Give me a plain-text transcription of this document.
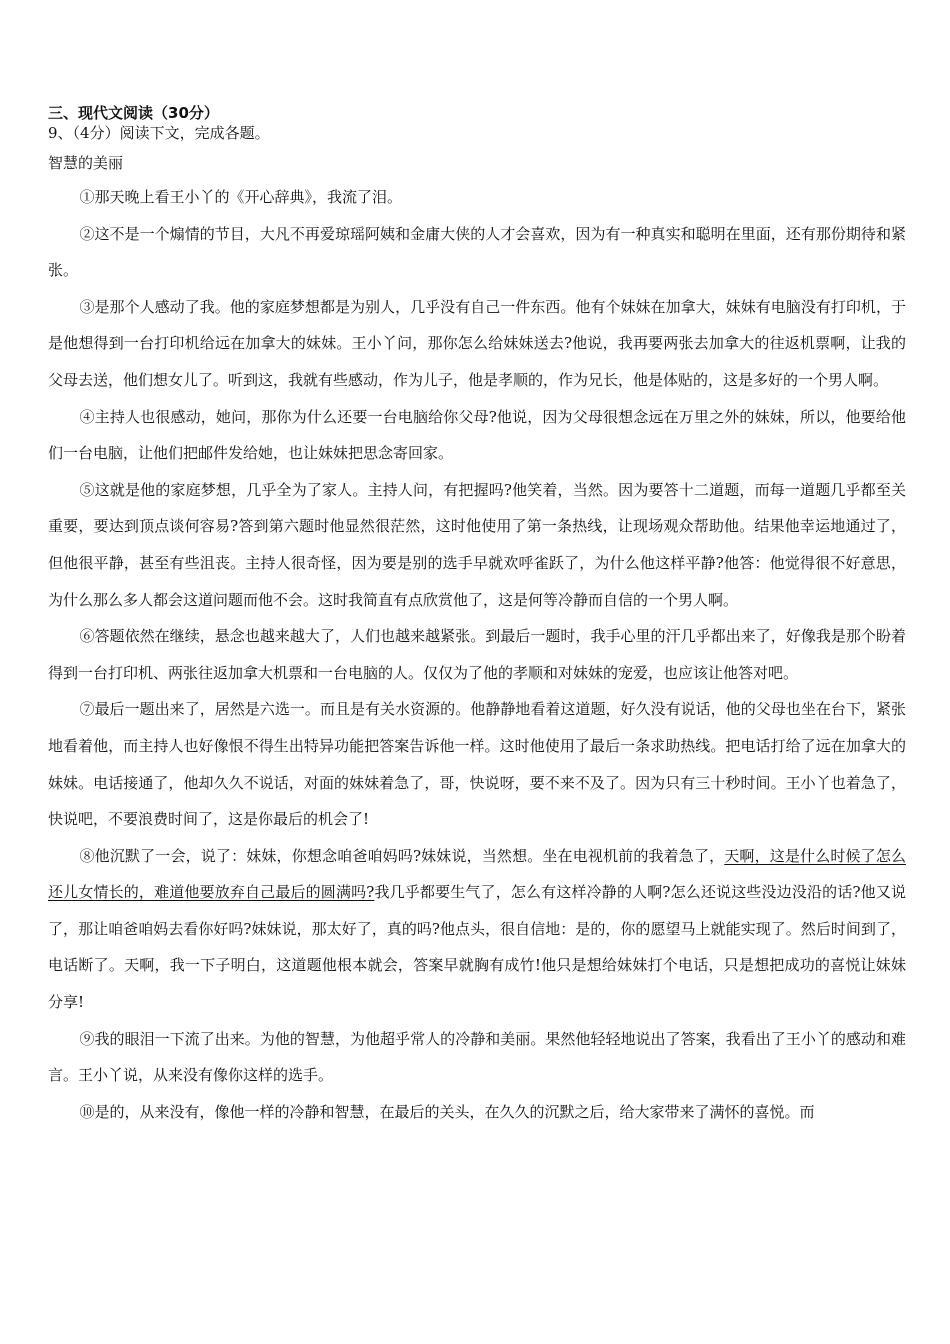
三、现代文阅读（30分）
9、（4分）阅读下文，完成各题。
智慧的美丽

①那天晚上看王小丫的《开心辞典》，我流了泪。

②这不是一个煽情的节目，大凡不再爱琼瑶阿姨和金庸大侠的人才会喜欢，因为有一种真实和聪明在里面，还有那份期待和紧张。

③是那个人感动了我。他的家庭梦想都是为别人，几乎没有自己一件东西。他有个妹妹在加拿大，妹妹有电脑没有打印机，于是他想得到一台打印机给远在加拿大的妹妹。王小丫问，那你怎么给妹妹送去?他说，我再要两张去加拿大的往返机票啊，让我的父母去送，他们想女儿了。听到这，我就有些感动，作为儿子，他是孝顺的，作为兄长，他是体贴的，这是多好的一个男人啊。

④主持人也很感动，她问，那你为什么还要一台电脑给你父母?他说，因为父母很想念远在万里之外的妹妹，所以，他要给他们一台电脑，让他们把邮件发给她，也让妹妹把思念寄回家。

⑤这就是他的家庭梦想，几乎全为了家人。主持人问，有把握吗?他笑着，当然。因为要答十二道题，而每一道题几乎都至关重要，要达到顶点谈何容易?答到第六题时他显然很茫然，这时他使用了第一条热线，让现场观众帮助他。结果他幸运地通过了，但他很平静，甚至有些沮丧。主持人很奇怪，因为要是别的选手早就欢呼雀跃了，为什么他这样平静?他答：他觉得很不好意思，为什么那么多人都会这道问题而他不会。这时我简直有点欣赏他了，这是何等冷静而自信的一个男人啊。

⑥答题依然在继续，悬念也越来越大了，人们也越来越紧张。到最后一题时，我手心里的汗几乎都出来了，好像我是那个盼着得到一台打印机、两张往返加拿大机票和一台电脑的人。仅仅为了他的孝顺和对妹妹的宠爱，也应该让他答对吧。

⑦最后一题出来了，居然是六选一。而且是有关水资源的。他静静地看着这道题，好久没有说话，他的父母也坐在台下，紧张地看着他，而主持人也好像恨不得生出特异功能把答案告诉他一样。这时他使用了最后一条求助热线。把电话打给了远在加拿大的妹妹。电话接通了，他却久久不说话，对面的妹妹着急了，哥，快说呀，要不来不及了。因为只有三十秒时间。王小丫也着急了，快说吧，不要浪费时间了，这是你最后的机会了!

⑧他沉默了一会，说了：妹妹，你想念咱爸咱妈吗?妹妹说，当然想。坐在电视机前的我着急了，天啊，这是什么时候了怎么还儿女情长的，难道他要放弃自己最后的圆满吗?我几乎都要生气了，怎么有这样冷静的人啊?怎么还说这些没边没沿的话?他又说了，那让咱爸咱妈去看你好吗?妹妹说，那太好了，真的吗?他点头，很自信地：是的，你的愿望马上就能实现了。然后时间到了，电话断了。天啊，我一下子明白，这道题他根本就会，答案早就胸有成竹!他只是想给妹妹打个电话，只是想把成功的喜悦让妹妹分享!

⑨我的眼泪一下流了出来。为他的智慧，为他超乎常人的冷静和美丽。果然他轻轻地说出了答案，我看出了王小丫的感动和难言。王小丫说，从来没有像你这样的选手。

⑩是的，从来没有，像他一样的冷静和智慧，在最后的关头，在久久的沉默之后，给大家带来了满怀的喜悦。而
